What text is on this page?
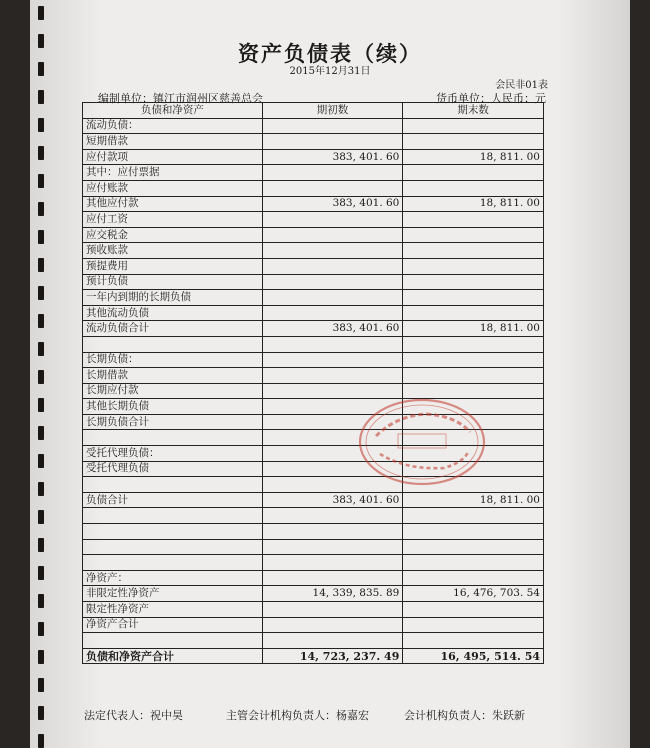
资产负债表（续）
2015年12月31日
会民非01表
编制单位：镇江市润州区慈善总会	货币单位：人民币：元
负债和净资产	期初数	期末数
流动负债：		
短期借款		
应付款项	383, 401. 60	18, 811. 00
其中：应付票据		
应付账款		
其他应付款	383, 401. 60	18, 811. 00
应付工资		
应交税金		
预收账款		
预提费用		
预计负债		
一年内到期的长期负债		
其他流动负债		
流动负债合计	383, 401. 60	18, 811. 00

长期负债：		
长期借款		
长期应付款		
其他长期负债		
长期负债合计		

受托代理负债：		
受托代理负债		

负债合计	383, 401. 60	18, 811. 00

净资产：		
非限定性净资产	14, 339, 835. 89	16, 476, 703. 54
限定性净资产		
净资产合计		

负债和净资产合计	14, 723, 237. 49	16, 495, 514. 54
法定代表人：祝中昊	主管会计机构负责人：杨嘉宏	会计机构负责人：朱跃新
